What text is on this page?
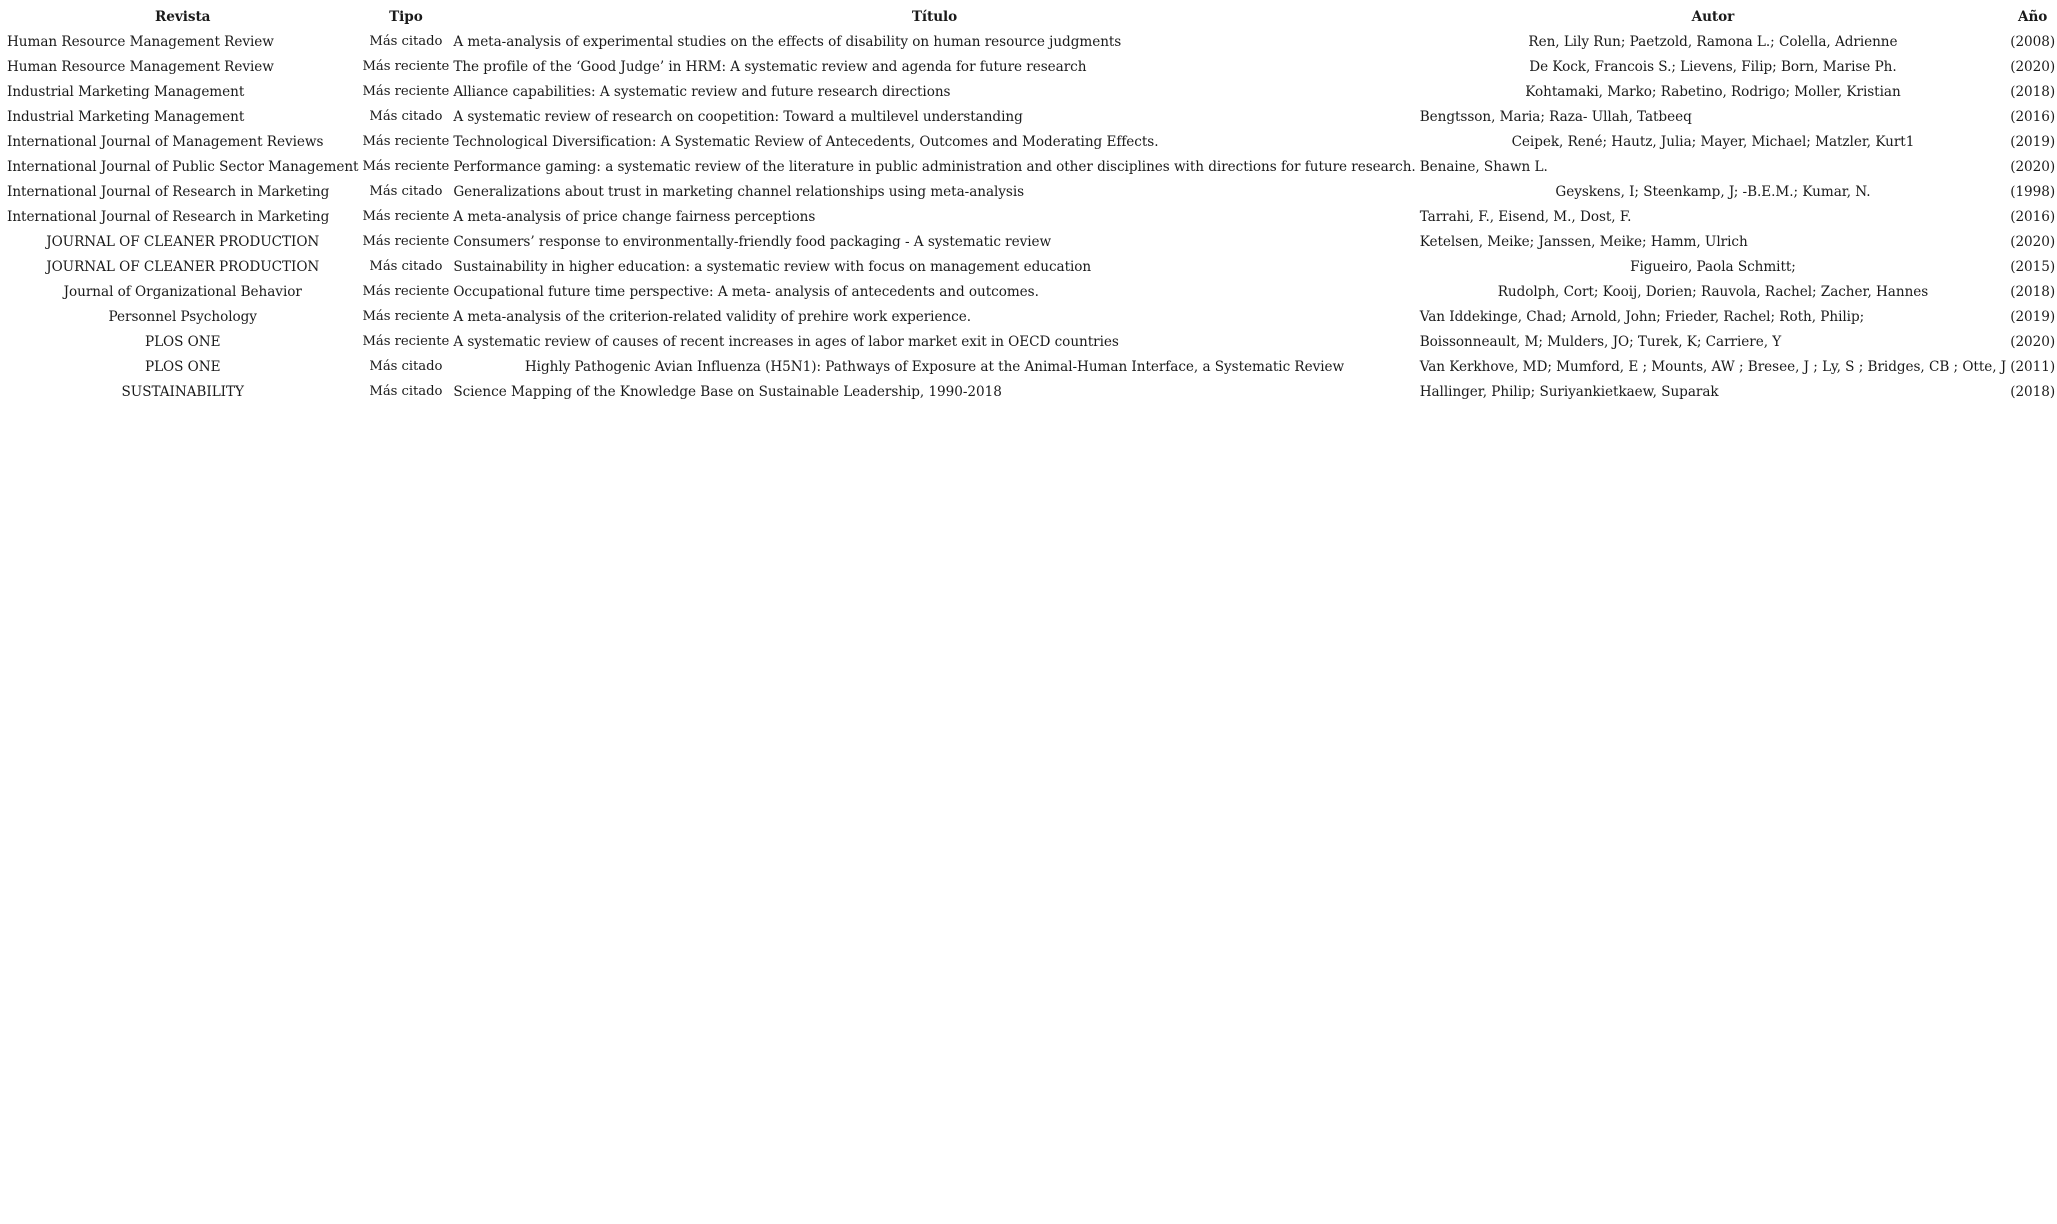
Revista	Tipo	Título	Autor	Año
Human Resource Management Review	Más citado	A meta-analysis of experimental studies on the effects of disability on human resource judgments	Ren, Lily Run; Paetzold, Ramona L.; Colella, Adrienne	(2008)
Human Resource Management Review	Más reciente	The profile of the ‘Good Judge’ in HRM: A systematic review and agenda for future research	De Kock, Francois S.; Lievens, Filip; Born, Marise Ph.	(2020)
Industrial Marketing Management	Más reciente	Alliance capabilities: A systematic review and future research directions	Kohtamaki, Marko; Rabetino, Rodrigo; Moller, Kristian	(2018)
Industrial Marketing Management	Más citado	A systematic review of research on coopetition: Toward a multilevel understanding	Bengtsson, Maria; Raza- Ullah, Tatbeeq	(2016)
International Journal of Management Reviews	Más reciente	Technological Diversification: A Systematic Review of Antecedents, Outcomes and Moderating Effects.	Ceipek, René; Hautz, Julia; Mayer, Michael; Matzler, Kurt1	(2019)
International Journal of Public Sector Management	Más reciente	Performance gaming: a systematic review of the literature in public administration and other disciplines with directions for future research.	Benaine, Shawn L.	(2020)
International Journal of Research in Marketing	Más citado	Generalizations about trust in marketing channel relationships using meta-analysis	Geyskens, I; Steenkamp, J; -B.E.M.; Kumar, N.	(1998)
International Journal of Research in Marketing	Más reciente	A meta-analysis of price change fairness perceptions	Tarrahi, F., Eisend, M., Dost, F.	(2016)
JOURNAL OF CLEANER PRODUCTION	Más reciente	Consumers’ response to environmentally-friendly food packaging - A systematic review	Ketelsen, Meike; Janssen, Meike; Hamm, Ulrich	(2020)
JOURNAL OF CLEANER PRODUCTION	Más citado	Sustainability in higher education: a systematic review with focus on management education	Figueiro, Paola Schmitt;	(2015)
Journal of Organizational Behavior	Más reciente	Occupational future time perspective: A meta- analysis of antecedents and outcomes.	Rudolph, Cort; Kooij, Dorien; Rauvola, Rachel; Zacher, Hannes	(2018)
Personnel Psychology	Más reciente	A meta-analysis of the criterion-related validity of prehire work experience.	Van Iddekinge, Chad; Arnold, John; Frieder, Rachel; Roth, Philip;	(2019)
PLOS ONE	Más reciente	A systematic review of causes of recent increases in ages of labor market exit in OECD countries	Boissonneault, M; Mulders, JO; Turek, K; Carriere, Y	(2020)
PLOS ONE	Más citado	Highly Pathogenic Avian Influenza (H5N1): Pathways of Exposure at the Animal-Human Interface, a Systematic Review	Van Kerkhove, MD; Mumford, E ; Mounts, AW ; Bresee, J ; Ly, S ; Bridges, CB ; Otte, J	(2011)
SUSTAINABILITY	Más citado	Science Mapping of the Knowledge Base on Sustainable Leadership, 1990-2018	Hallinger, Philip; Suriyankietkaew, Suparak	(2018)
